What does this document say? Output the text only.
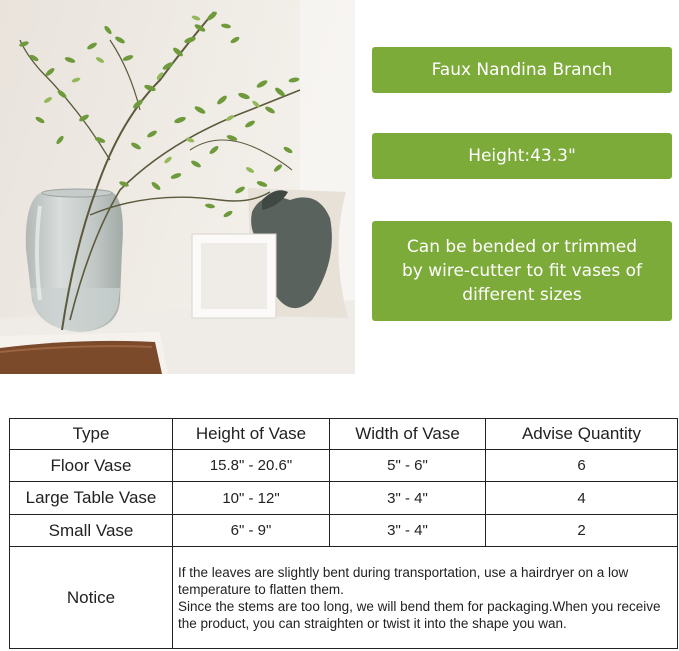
Faux Nandina Branch
Height:43.3"
Can be bended or trimmed by wire-cutter to fit vases of different sizes
Type	Height of Vase	Width of Vase	Advise Quantity
Floor Vase	15.8" - 20.6"	5" - 6"	6
Large Table Vase	10" - 12"	3" - 4"	4
Small Vase	6" - 9"	3" - 4"	2
Notice	If the leaves are slightly bent during transportation, use a hairdryer on a low temperature to flatten them.

Since the stems are too long, we will bend them for packaging.When you receive the product, you can straighten or twist it into the shape you wan.		
